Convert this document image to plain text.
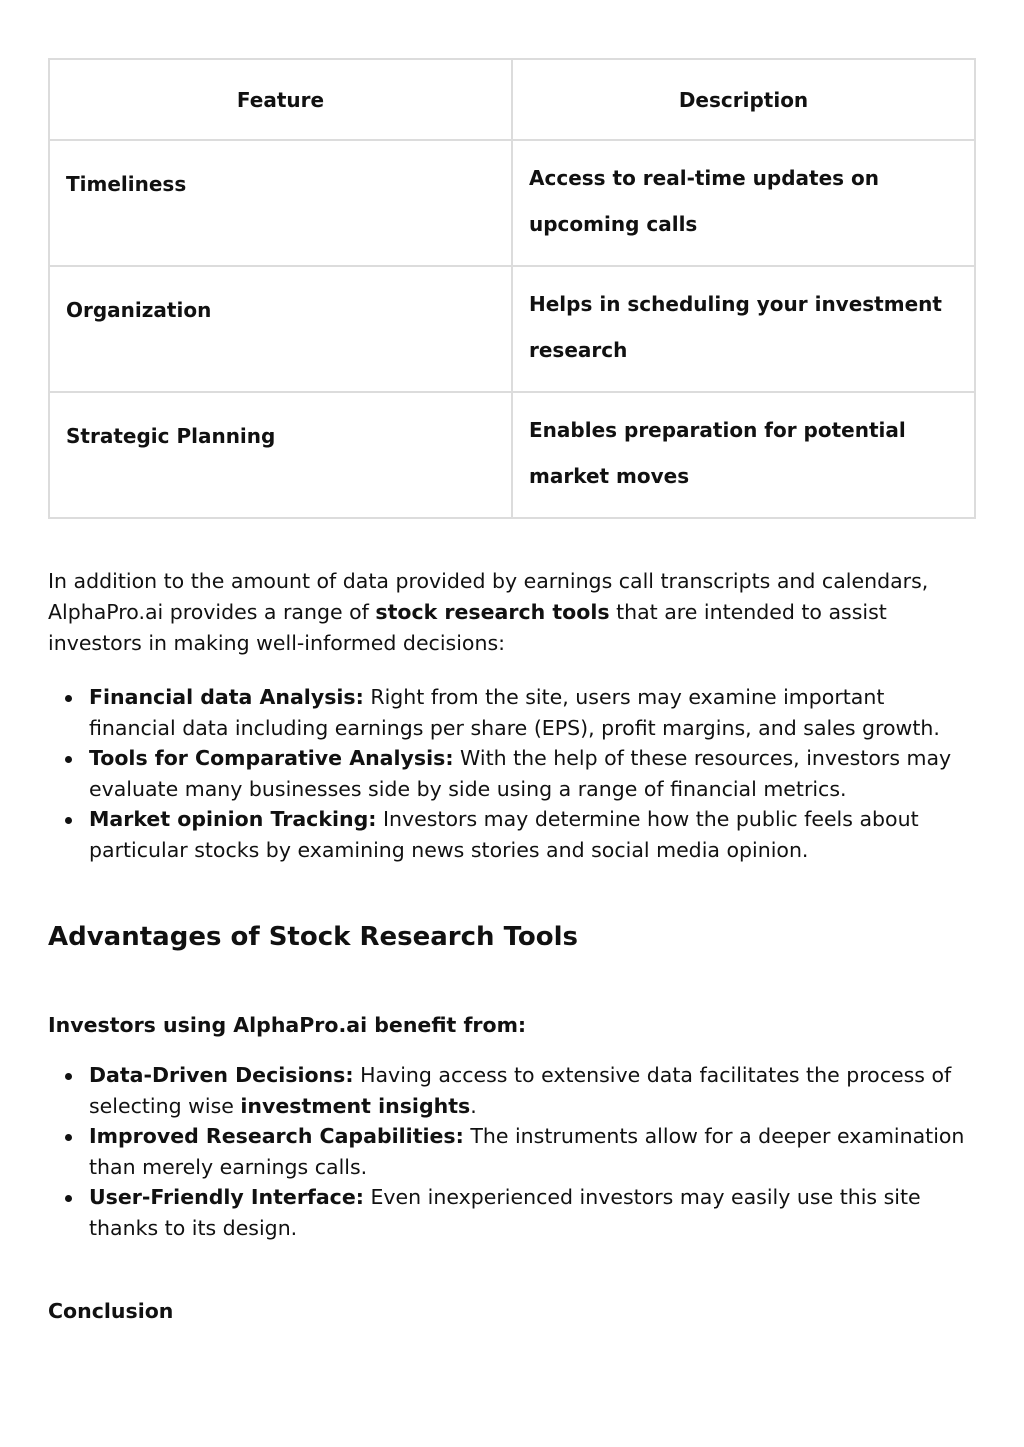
Feature	Description
Timeliness	Access to real-time updates on upcoming calls
Organization	Helps in scheduling your investment research
Strategic Planning	Enables preparation for potential market moves

In addition to the amount of data provided by earnings call transcripts and calendars, AlphaPro.ai provides a range of stock research tools that are intended to assist investors in making well-informed decisions:

Financial data Analysis: Right from the site, users may examine important financial data including earnings per share (EPS), profit margins, and sales growth.
Tools for Comparative Analysis: With the help of these resources, investors may evaluate many businesses side by side using a range of financial metrics.
Market opinion Tracking: Investors may determine how the public feels about particular stocks by examining news stories and social media opinion.
Advantages of Stock Research Tools

Investors using AlphaPro.ai benefit from:

Data-Driven Decisions: Having access to extensive data facilitates the process of selecting wise investment insights.
Improved Research Capabilities: The instruments allow for a deeper examination than merely earnings calls.
User-Friendly Interface: Even inexperienced investors may easily use this site thanks to its design.

Conclusion
